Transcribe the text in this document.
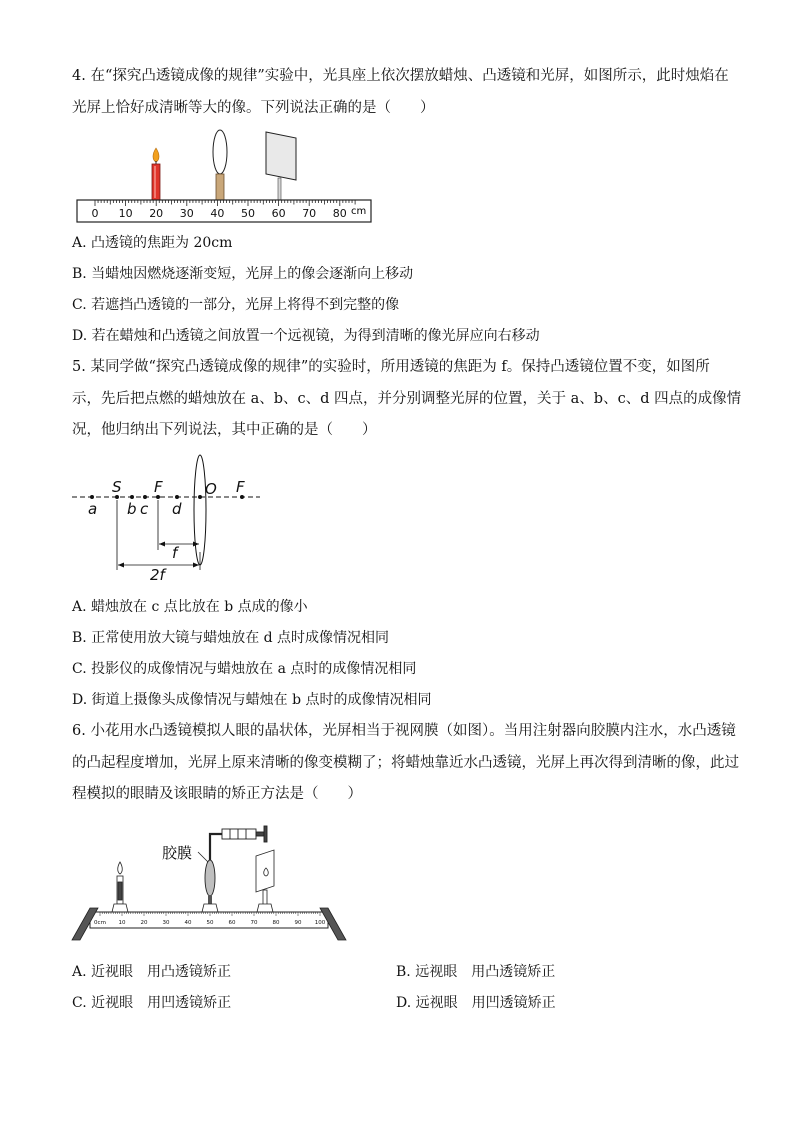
4. 在“探究凸透镜成像的规律”实验中，光具座上依次摆放蜡烛、凸透镜和光屏，如图所示，此时烛焰在
光屏上恰好成清晰等大的像。下列说法正确的是（　　）
0 10 20 30 40 50 60 70 80 cm
A. 凸透镜的焦距为 20cm
B. 当蜡烛因燃烧逐渐变短，光屏上的像会逐渐向上移动
C. 若遮挡凸透镜的一部分，光屏上将得不到完整的像
D. 若在蜡烛和凸透镜之间放置一个远视镜，为得到清晰的像光屏应向右移动
5. 某同学做“探究凸透镜成像的规律”的实验时，所用透镜的焦距为 f。保持凸透镜位置不变，如图所
示，先后把点燃的蜡烛放在 a、b、c、d 四点，并分别调整光屏的位置，关于 a、b、c、d 四点的成像情
况，他归纳出下列说法，其中正确的是（　　）
a
S
b c
F
d
O F
f
2f
A. 蜡烛放在 c 点比放在 b 点成的像小
B. 正常使用放大镜与蜡烛放在 d 点时成像情况相同
C. 投影仪的成像情况与蜡烛放在 a 点时的成像情况相同
D. 街道上摄像头成像情况与蜡烛在 b 点时的成像情况相同
6. 小花用水凸透镜模拟人眼的晶状体，光屏相当于视网膜（如图）。当用注射器向胶膜内注水，水凸透镜
的凸起程度增加，光屏上原来清晰的像变模糊了；将蜡烛靠近水凸透镜，光屏上再次得到清晰的像，此过
程模拟的眼睛及该眼睛的矫正方法是（　　）
胶膜
0cm 10	20	30	40	50	60	70	80	90 100
A. 近视眼　用凸透镜矫正	B. 远视眼　用凸透镜矫正
C. 近视眼　用凹透镜矫正	D. 远视眼　用凹透镜矫正
